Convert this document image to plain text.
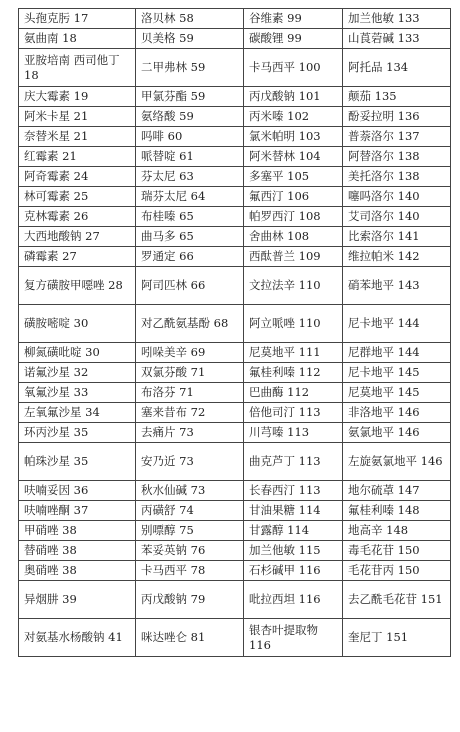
头孢克肟 17	洛贝林 58	谷维素 99	加兰他敏 133
氨曲南 18	贝美格 59	碳酸锂 99	山莨菪碱 133
亚胺培南 西司他丁 18	二甲弗林 59	卡马西平 100	阿托品 134
庆大霉素 19	甲氯芬酯 59	丙戊酸钠 101	颠茄 135
阿米卡星 21	氨络酸 59	丙米嗪 102	酚妥拉明 136
奈替米星 21	吗啡 60	氯米帕明 103	普萘洛尔 137
红霉素 21	哌替啶 61	阿米替林 104	阿替洛尔 138
阿奇霉素 24	芬太尼 63	多塞平 105	美托洛尔 138
林可霉素 25	瑞芬太尼 64	氟西汀 106	噻吗洛尔 140
克林霉素 26	布桂嗪 65	帕罗西汀 108	艾司洛尔 140
大西地酸钠 27	曲马多 65	舍曲林 108	比索洛尔 141
磷霉素 27	罗通定 66	西酞普兰 109	维拉帕米 142
复方磺胺甲噁唑 28	阿司匹林 66	文拉法辛 110	硝苯地平 143
磺胺嘧啶 30	对乙酰氨基酚 68	阿立哌唑 110	尼卡地平 144
柳氮磺吡啶 30	吲哚美辛 69	尼莫地平 111	尼群地平 144
诺氟沙星 32	双氯芬酸 71	氟桂利嗪 112	尼卡地平 145
氧氟沙星 33	布洛芬 71	巴曲酶 112	尼莫地平 145
左氧氟沙星 34	塞来昔布 72	倍他司汀 113	非洛地平 146
环丙沙星 35	去痛片 73	川芎嗪 113	氨氯地平 146
帕珠沙星 35	安乃近 73	曲克芦丁 113	左旋氨氯地平 146
呋喃妥因 36	秋水仙碱 73	长春西汀 113	地尔硫䓬 147
呋喃唑酮 37	丙磺舒 74	甘油果糖 114	氟桂利嗪 148
甲硝唑 38	别嘌醇 75	甘露醇 114	地高辛 148
替硝唑 38	苯妥英钠 76	加兰他敏 115	毒毛花苷 150
奥硝唑 38	卡马西平 78	石杉碱甲 116	毛花苷丙 150
异烟肼 39	丙戊酸钠 79	吡拉西坦 116	去乙酰毛花苷 151
对氨基水杨酸钠 41	咪达唑仑 81	银杏叶提取物 116	奎尼丁 151
